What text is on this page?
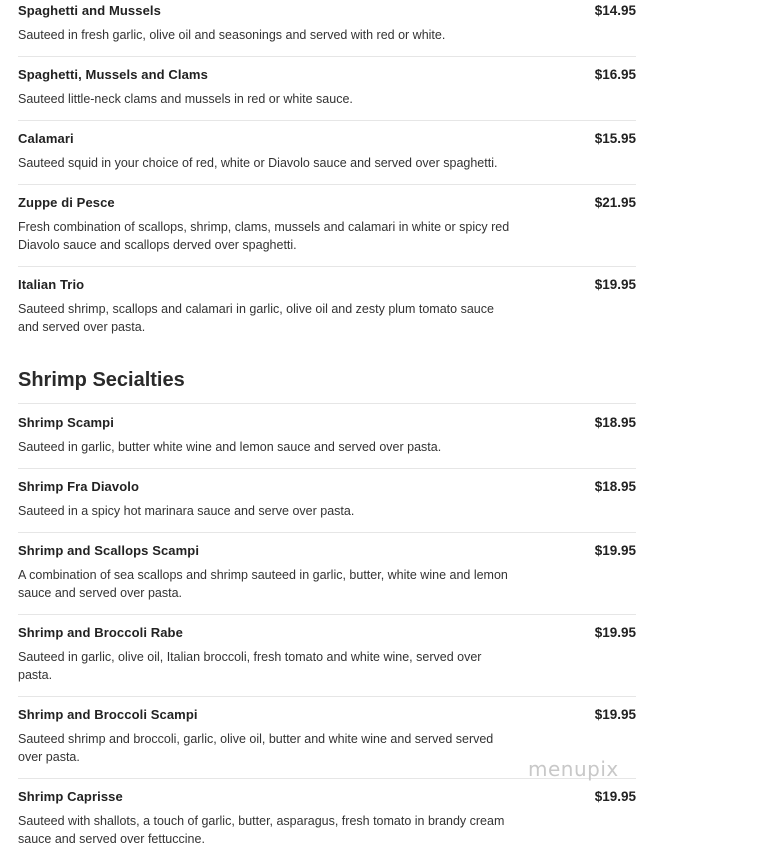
Spaghetti and Mussels	$14.95
Sauteed in fresh garlic, olive oil and seasonings and served with red or white.
Spaghetti, Mussels and Clams	$16.95
Sauteed little-neck clams and mussels in red or white sauce.
Calamari	$15.95
Sauteed squid in your choice of red, white or Diavolo sauce and served over spaghetti.
Zuppe di Pesce	$21.95
Fresh combination of scallops, shrimp, clams, mussels and calamari in white or spicy red Diavolo sauce and scallops derved over spaghetti.
Italian Trio	$19.95
Sauteed shrimp, scallops and calamari in garlic, olive oil and zesty plum tomato sauce and served over pasta.
Shrimp Secialties
Shrimp Scampi	$18.95
Sauteed in garlic, butter white wine and lemon sauce and served over pasta.
Shrimp Fra Diavolo	$18.95
Sauteed in a spicy hot marinara sauce and serve over pasta.
Shrimp and Scallops Scampi	$19.95
A combination of sea scallops and shrimp sauteed in garlic, butter, white wine and lemon sauce and served over pasta.
Shrimp and Broccoli Rabe	$19.95
Sauteed in garlic, olive oil, Italian broccoli, fresh tomato and white wine, served over pasta.
Shrimp and Broccoli Scampi	$19.95
Sauteed shrimp and broccoli, garlic, olive oil, butter and white wine and served served over pasta.
Shrimp Caprisse	$19.95
Sauteed with shallots, a touch of garlic, butter, asparagus, fresh tomato in brandy cream sauce and served over fettuccine.
menupix
